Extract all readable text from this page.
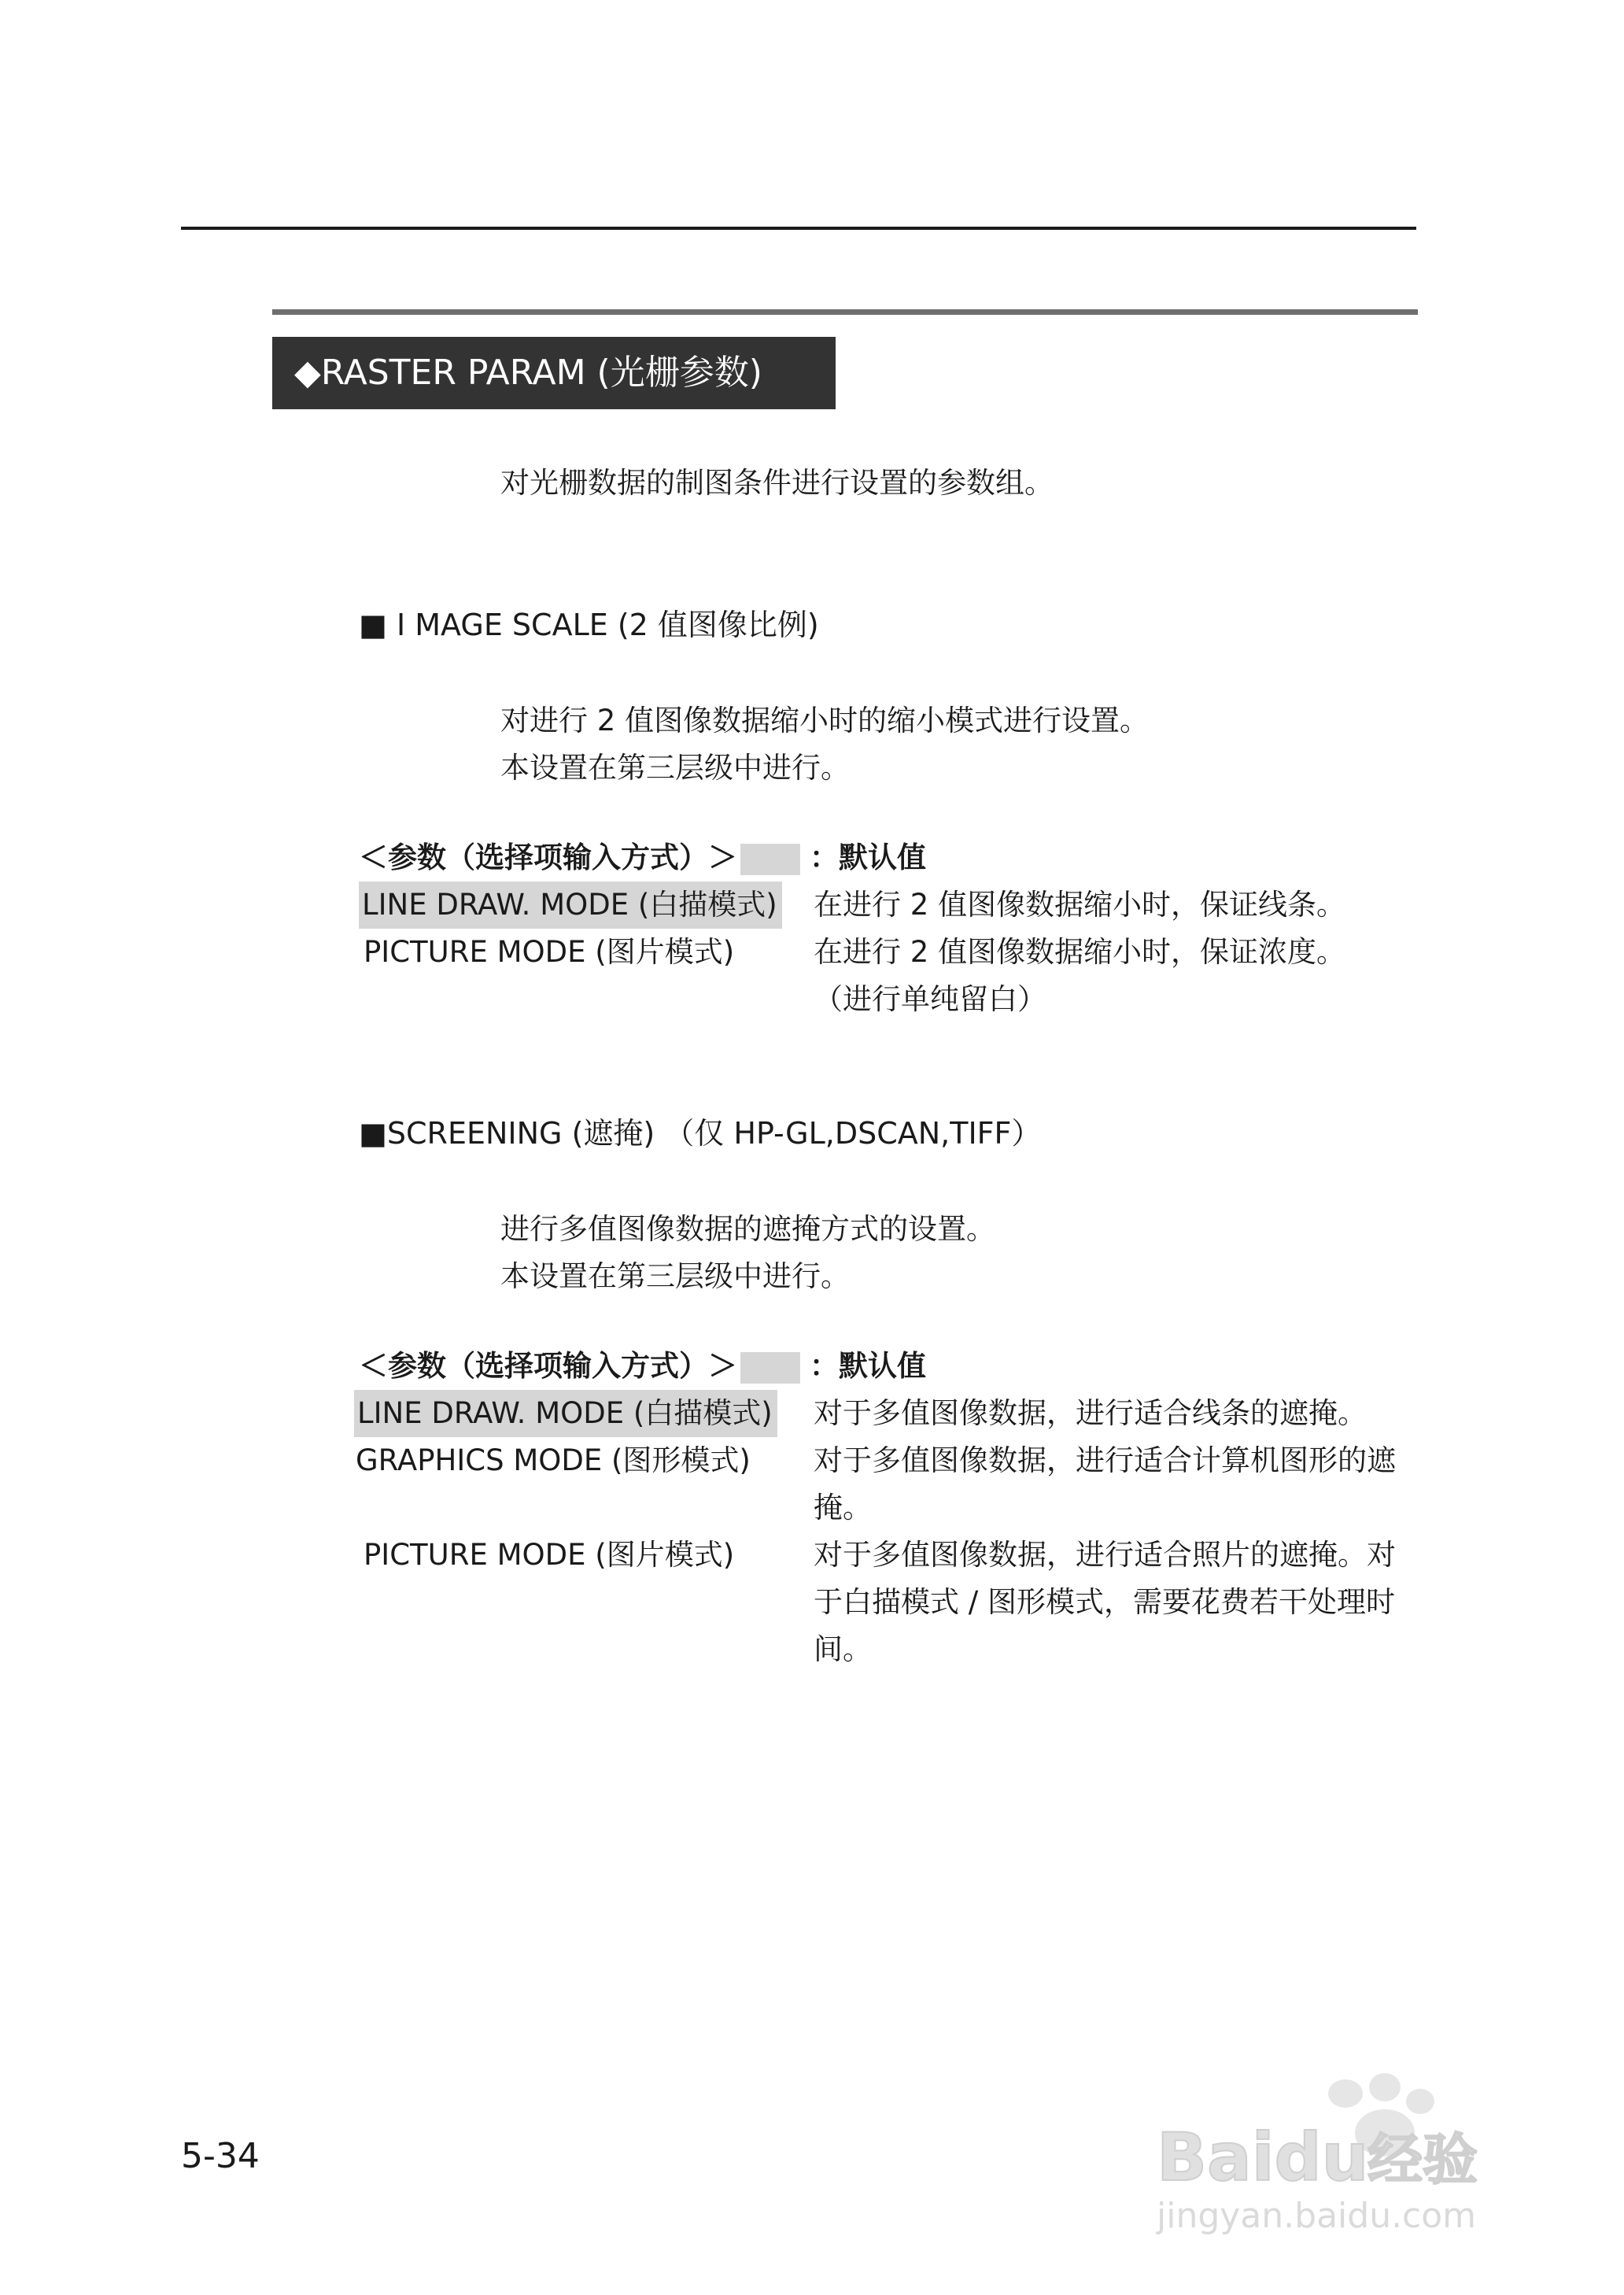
◆RASTER PARAM (光栅参数)
对光栅数据的制图条件进行设置的参数组。
■ I MAGE SCALE (2 值图像比例)
对进行 2 值图像数据缩小时的缩小模式进行设置。
本设置在第三层级中进行。
＜参数（选择项输入方式）＞ ：默认值
LINE DRAW. MODE (白描模式) 在进行 2 值图像数据缩小时，保证线条。
PICTURE MODE (图片模式)	在进行 2 值图像数据缩小时，保证浓度。
（进行单纯留白）
■SCREENING (遮掩) （仅 HP-GL,DSCAN,TIFF）
进行多值图像数据的遮掩方式的设置。
本设置在第三层级中进行。
＜参数（选择项输入方式）＞ ：默认值
LINE DRAW. MODE (白描模式) 对于多值图像数据，进行适合线条的遮掩。
GRAPHICS MODE (图形模式) 对于多值图像数据，进行适合计算机图形的遮
掩。
PICTURE MODE (图片模式)	对于多值图像数据，进行适合照片的遮掩。对
于白描模式 / 图形模式，需要花费若干处理时
间。
5-34	Baidu
经验
jingyan.baidu.com
